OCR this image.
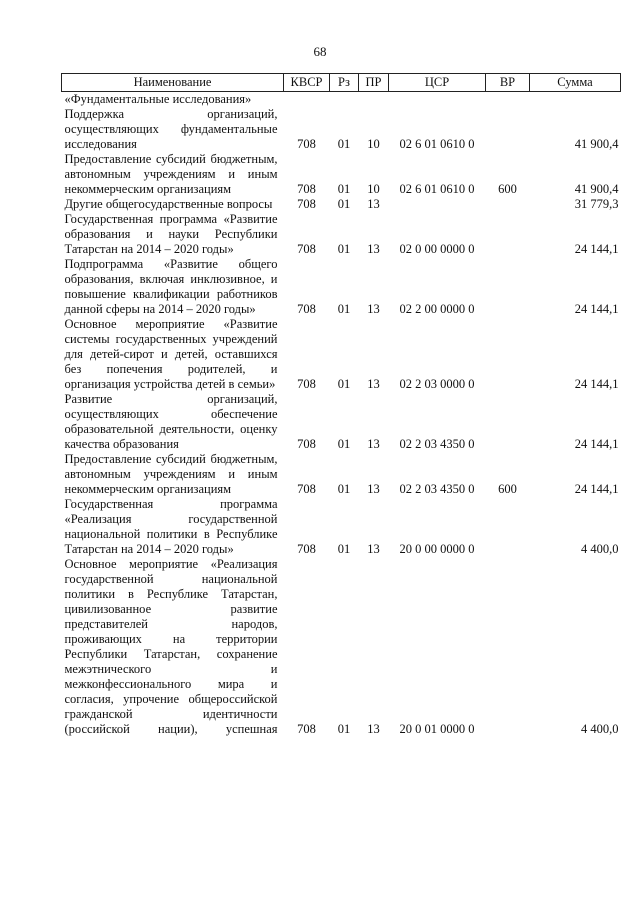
68
Наименование	КВСР	Рз	ПР	ЦСР	ВР	Сумма
«Фундаментальные исследования»						
Поддержка организаций, осуществляющих фундаментальные исследования	708	01	10	02 6 01 0610 0		41 900,4
Предоставление субсидий бюджетным, автономным учреждениям и иным некоммерческим организациям	708	01	10	02 6 01 0610 0	600	41 900,4
Другие общегосударственные вопросы	708	01	13			31 779,3
Государственная программа «Развитие образования и науки Республики Татарстан на 2014 – 2020 годы»	708	01	13	02 0 00 0000 0		24 144,1
Подпрограмма «Развитие общего образования, включая инклюзивное, и повышение квалификации работников данной сферы на 2014 – 2020 годы»	708	01	13	02 2 00 0000 0		24 144,1
Основное мероприятие «Развитие системы государственных учреждений для детей-сирот и детей, оставшихся без попечения родителей, и организация устройства детей в семьи»	708	01	13	02 2 03 0000 0		24 144,1
Развитие организаций, осуществляющих обеспечение образовательной деятельности, оценку качества образования	708	01	13	02 2 03 4350 0		24 144,1
Предоставление субсидий бюджетным, автономным учреждениям и иным некоммерческим организациям	708	01	13	02 2 03 4350 0	600	24 144,1
Государственная программа «Реализация государственной национальной политики в Республике Татарстан на 2014 – 2020 годы»	708	01	13	20 0 00 0000 0		4 400,0
Основное мероприятие «Реализация государственной национальной политики в Республике Татарстан, цивилизованное развитие представителей народов, проживающих на территории Республики Татарстан, сохранение межэтнического и межконфессионального мира и согласия, упрочение общероссийской гражданской идентичности (российской нации), успешная	708	01	13	20 0 01 0000 0		4 400,0
